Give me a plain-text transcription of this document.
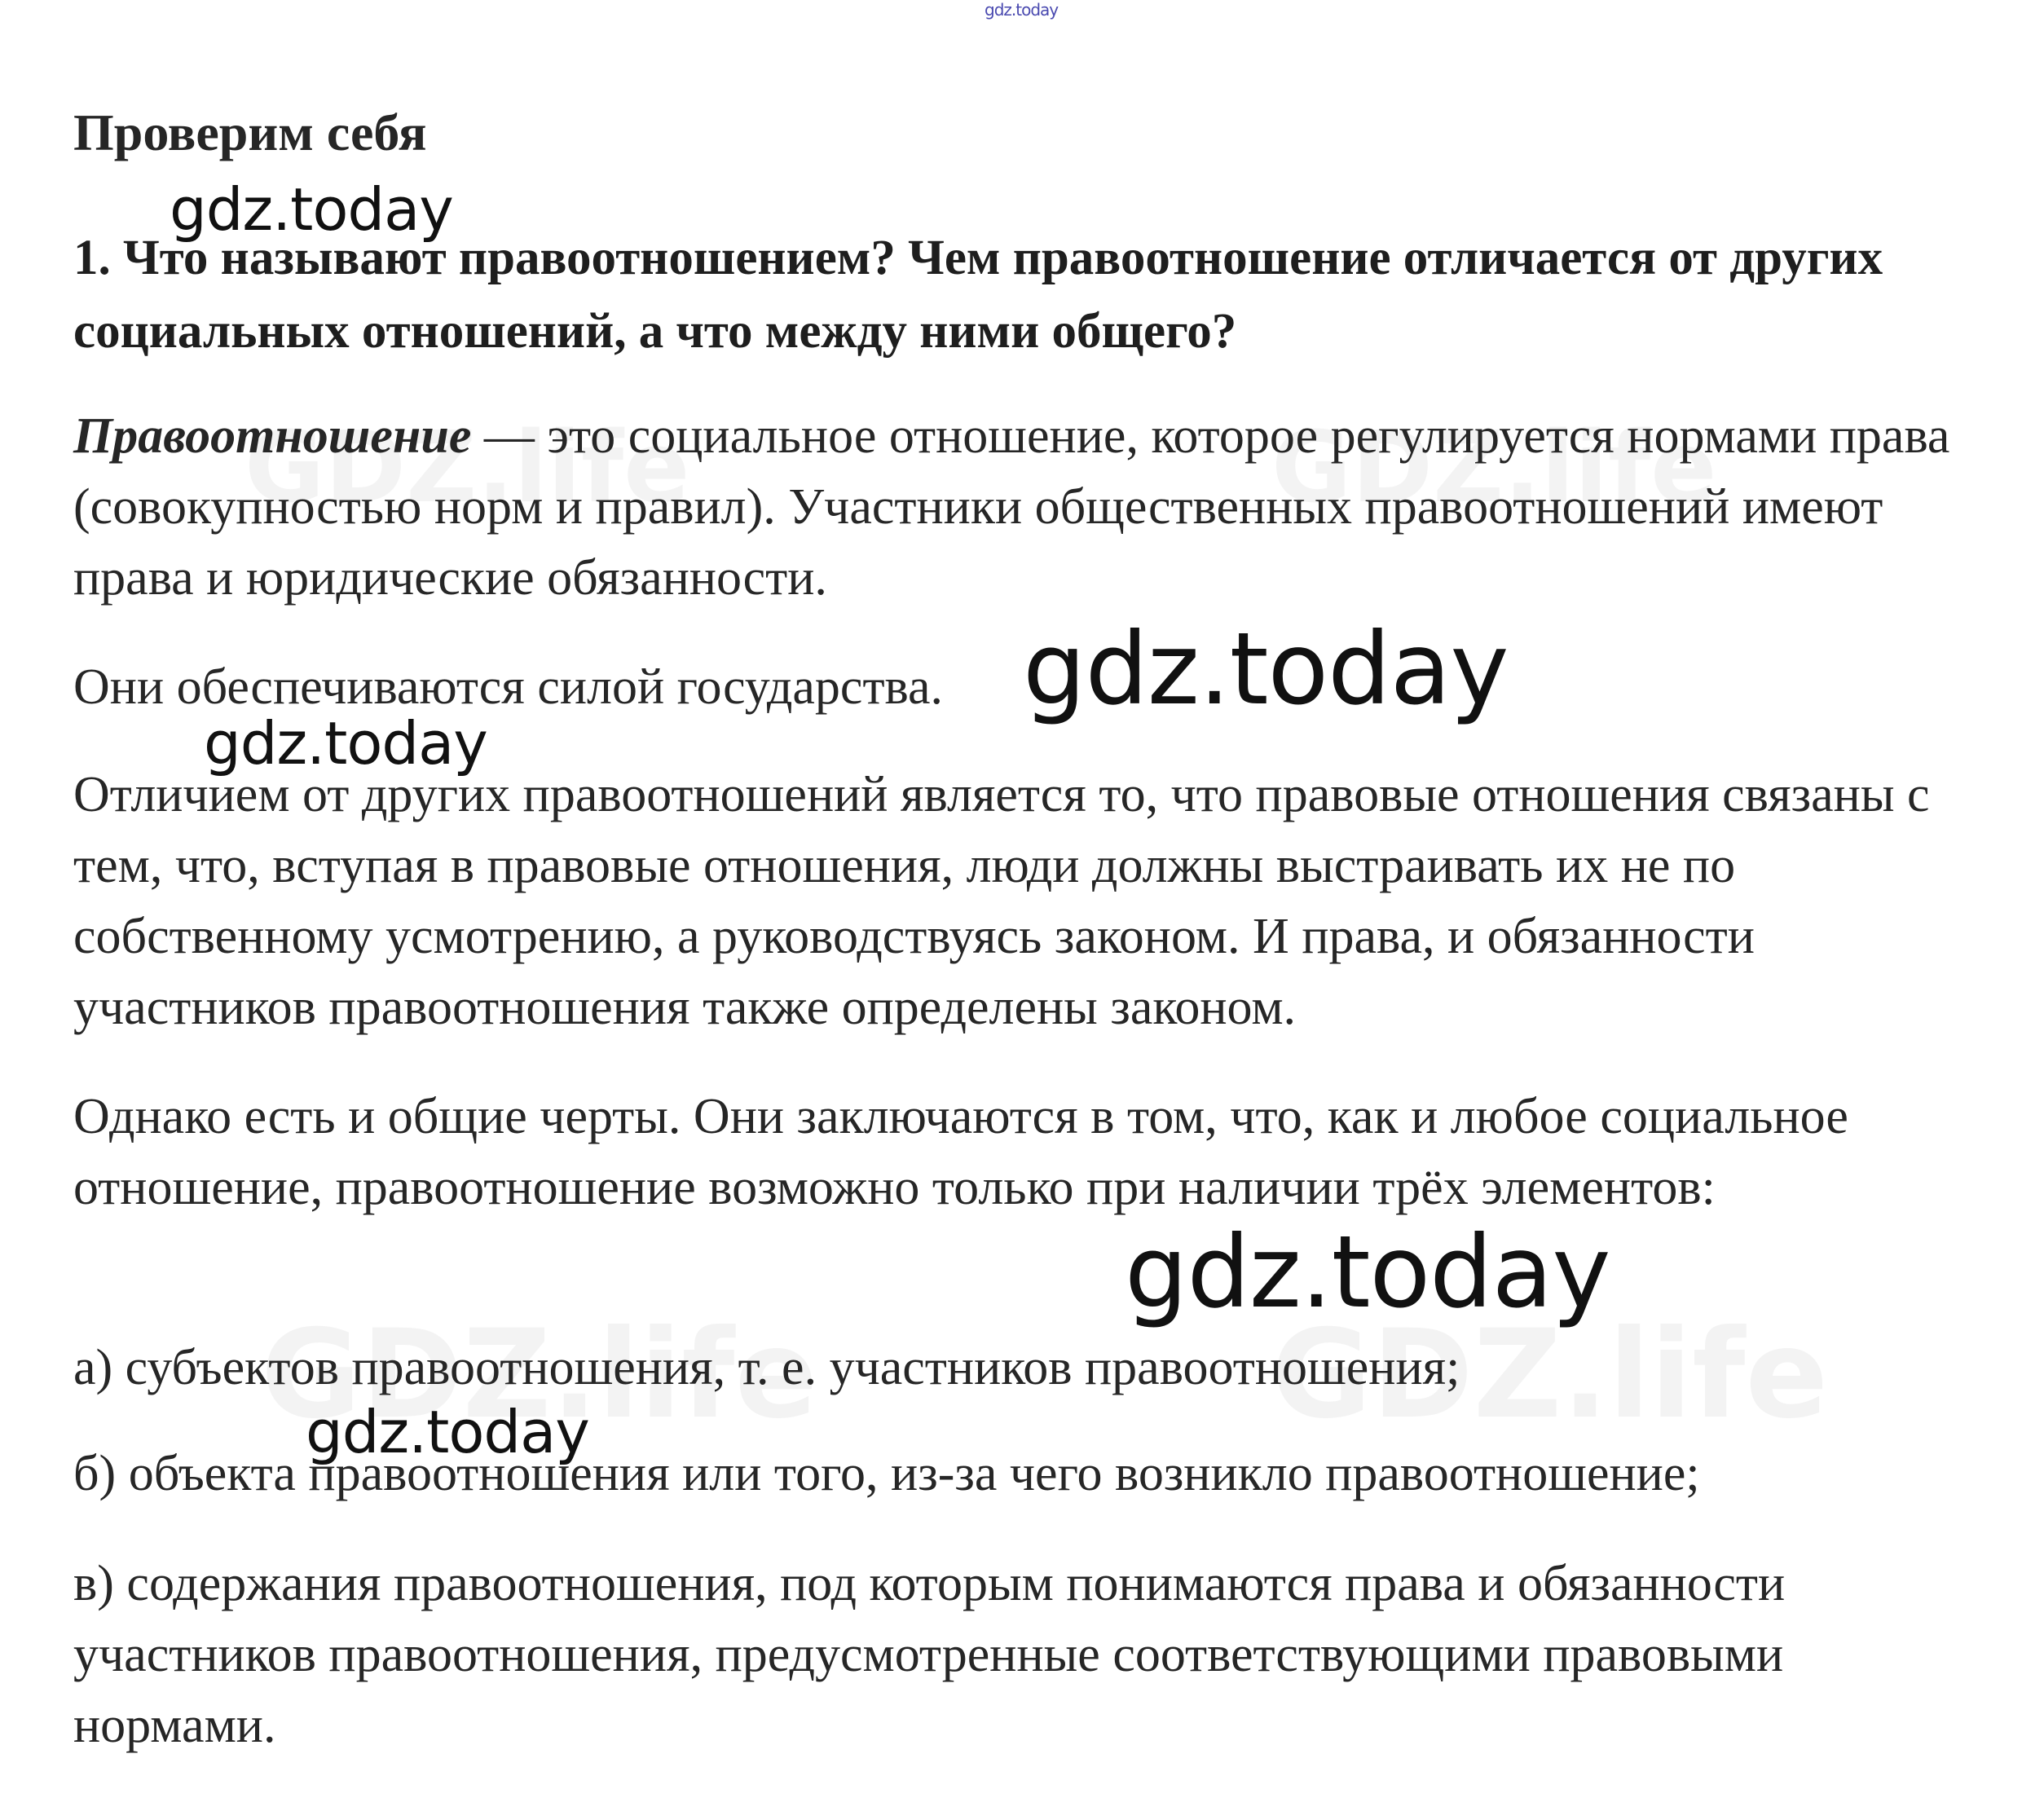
gdz.today
Проверим себя

1. Что называют правоотношением? Чем правоотношение отличается от других социальных отношений, а что между ними общего?

Правоотношение — это социальное отношение, которое регулируется нормами права (совокупностью норм и правил). Участники общественных правоотношений имеют права и юридические обязанности.

Они обеспечиваются силой государства.

Отличием от других правоотношений является то, что правовые отношения связаны с тем, что, вступая в правовые отношения, люди должны выстраивать их не по собственному усмотрению, а руководствуясь законом. И права, и обязанности участников правоотношения также определены законом.

Однако есть и общие черты. Они заключаются в том, что, как и любое социальное отношение, правоотношение возможно только при наличии трёх элементов:

а) субъектов правоотношения, т. е. участников правоотношения;

б) объекта правоотношения или того, из-за чего возникло правоотношение;

в) содержания правоотношения, под которым понимаются права и обязанности участников правоотношения, предусмотренные соответствующими правовыми нормами.

gdz.today
gdz.today
gdz.today
gdz.today
gdz.today
